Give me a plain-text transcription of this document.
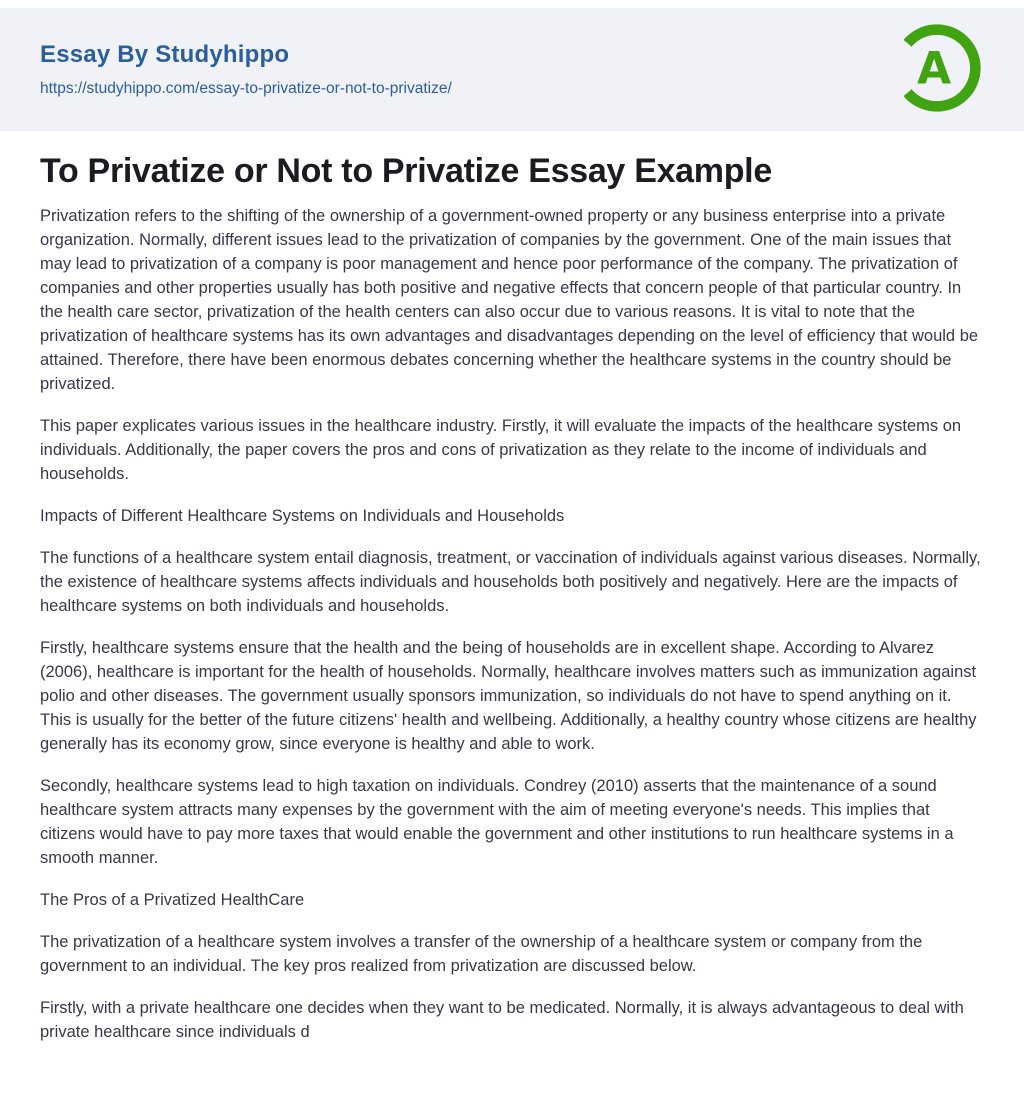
Essay By Studyhippo
https://studyhippo.com/essay-to-privatize-or-not-to-privatize/	A
To Privatize or Not to Privatize Essay Example

Privatization refers to the shifting of the ownership of a government-owned property or any business enterprise into a private organization. Normally, different issues lead to the privatization of companies by the government. One of the main issues that may lead to privatization of a company is poor management and hence poor performance of the company. The privatization of companies and other properties usually has both positive and negative effects that concern people of that particular country. In the health care sector, privatization of the health centers can also occur due to various reasons. It is vital to note that the privatization of healthcare systems has its own advantages and disadvantages depending on the level of efficiency that would be attained. Therefore, there have been enormous debates concerning whether the healthcare systems in the country should be privatized.

This paper explicates various issues in the healthcare industry. Firstly, it will evaluate the impacts of the healthcare systems on individuals. Additionally, the paper covers the pros and cons of privatization as they relate to the income of individuals and households.

Impacts of Different Healthcare Systems on Individuals and Households

The functions of a healthcare system entail diagnosis, treatment, or vaccination of individuals against various diseases. Normally, the existence of healthcare systems affects individuals and households both positively and negatively. Here are the impacts of healthcare systems on both individuals and households.

Firstly, healthcare systems ensure that the health and the being of households are in excellent shape. According to Alvarez (2006), healthcare is important for the health of households. Normally, healthcare involves matters such as immunization against polio and other diseases. The government usually sponsors immunization, so individuals do not have to spend anything on it. This is usually for the better of the future citizens' health and wellbeing. Additionally, a healthy country whose citizens are healthy generally has its economy grow, since everyone is healthy and able to work.

Secondly, healthcare systems lead to high taxation on individuals. Condrey (2010) asserts that the maintenance of a sound healthcare system attracts many expenses by the government with the aim of meeting everyone's needs. This implies that citizens would have to pay more taxes that would enable the government and other institutions to run healthcare systems in a smooth manner.

The Pros of a Privatized HealthCare

The privatization of a healthcare system involves a transfer of the ownership of a healthcare system or company from the government to an individual. The key pros realized from privatization are discussed below.

Firstly, with a private healthcare one decides when they want to be medicated. Normally, it is always advantageous to deal with private healthcare since individuals d
